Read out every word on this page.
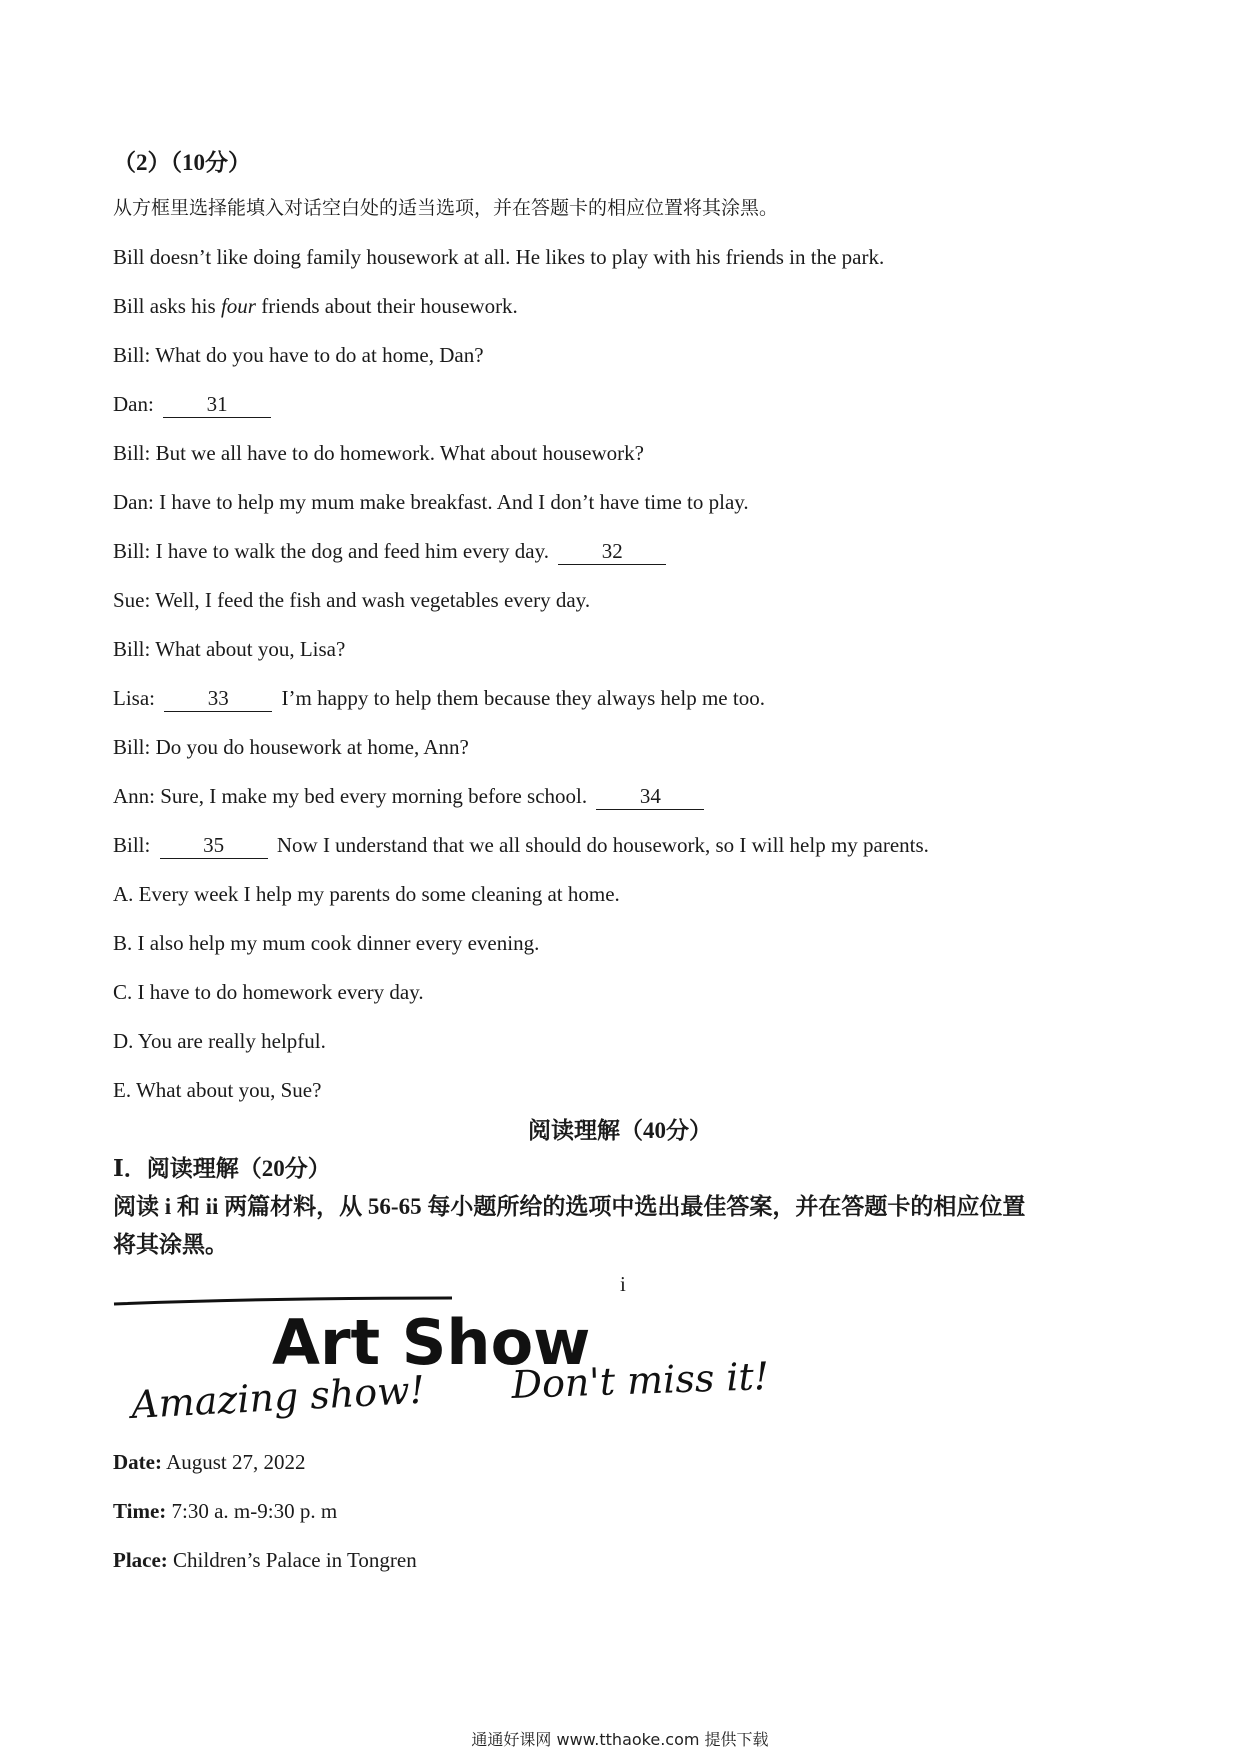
（2）（10分）
从方框里选择能填入对话空白处的适当选项，并在答题卡的相应位置将其涂黑。
Bill doesn’t like doing family housework at all. He likes to play with his friends in the park.
Bill asks his four friends about their housework.
Bill: What do you have to do at home, Dan?
Dan: 31
Bill: But we all have to do homework. What about housework?
Dan: I have to help my mum make breakfast. And I don’t have time to play.
Bill: I have to walk the dog and feed him every day. 32
Sue: Well, I feed the fish and wash vegetables every day.
Bill: What about you, Lisa?
Lisa: 33 I’m happy to help them because they always help me too.
Bill: Do you do housework at home, Ann?
Ann: Sure, I make my bed every morning before school. 34
Bill: 35 Now I understand that we all should do housework, so I will help my parents.
A. Every week I help my parents do some cleaning at home.
B. I also help my mum cook dinner every evening.
C. I have to do homework every day.
D. You are really helpful.
E. What about you, Sue?
阅读理解（40分）
Ⅰ．阅读理解（20分）
阅读 i 和 ii 两篇材料，从 56-65 每小题所给的选项中选出最佳答案，并在答题卡的相应位置
将其涂黑。
i
Art Show
Amazing show! Don't miss it!
Date: August 27, 2022
Time: 7:30 a. m-9:30 p. m
Place: Children’s Palace in Tongren
通通好课网 www.tthaoke.com 提供下载
